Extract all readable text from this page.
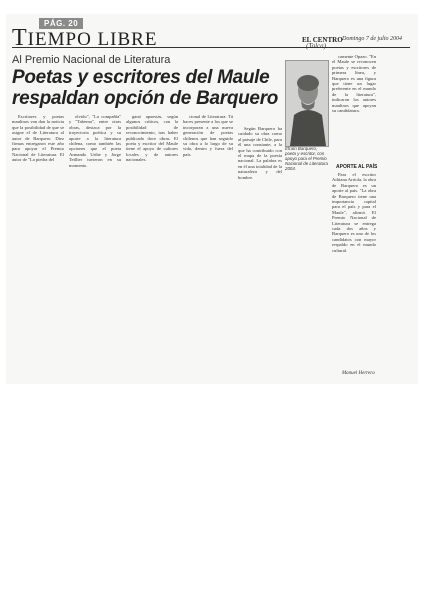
PÁG. 20
TIEMPO LIBRE	EL CENTRO Domingo 7 de julio 2004
(Talca)
Al Premio Nacional de Literatura
Poetas y escritores del Maule respaldan opción de Barquero

Escritores y poetas maulinos van dan la noticia que la posibilidad de que se asigne el de Literatura al autor de Barquero. Diez firmas entregaron este año para apoyar el Premio Nacional de Literatura. El autor de "La piedra del

olvido", "La compañía" y "Taberna", entre otras obras, destaca por la trayectoria poética y su aporte a la literatura chilena, como también las opciones que el poeta Armando Uribe y Jorge Teillier tuvieron en su momento.

ganó apuestas, según algunos críticos, con la posibilidad de reconocimiento, tras haber publicado doce obras. El poeta y escritor del Maule tiene el apoyo de cultores locales y de autores nacionales.

cional de Literatura. Tú haces presente a los que se incorporan a una nueva generación de poetas chilenos que han seguido su obra a lo largo de su vida, dentro y fuera del país.

Efraín Barquero, poeta y escritor, con apoyo para el Premio Nacional de Literatura 2004.

Según Barquero ha cuidado su obra como al paisaje de Chile, para él una constante, a la que ha contribuido con el mapa de la poesía nacional. La palabra es en él una totalidad de la naturaleza y del hombre.

camente Opazo. "En el Maule se reconocen poetas y escritores de primera línea, y Barquero es una figura que tiene un lugar preferente en el mundo de la literatura", indicaron los autores maulinos que apoyan su candidatura.

APORTE AL PAÍS

Para el escritor Adriana Arriola, la obra de Barquero es un aporte al país. "La obra de Barquero tiene una importancia capital para el país y para el Maule", afirmó. El Premio Nacional de Literatura se entrega cada dos años y Barquero es uno de los candidatos con mayor respaldo en el mundo cultural.

Manuel Herrera
